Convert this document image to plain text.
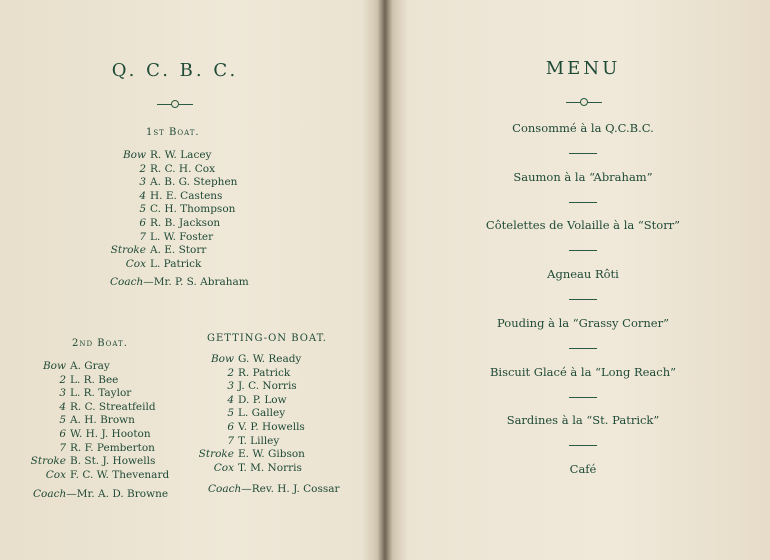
Q. C. B. C.
1st Boat.
Bow R. W. Lacey
2 R. C. H. Cox
3 A. B. G. Stephen
4 H. E. Castens
5 C. H. Thompson
6 R. B. Jackson
7 L. W. Foster
Stroke A. E. Storr
Cox L. Patrick
Coach—Mr. P. S. Abraham
2nd Boat.
Bow A. Gray
2 L. R. Bee
3 L. R. Taylor
4 R. C. Streatfeild
5 A. H. Brown
6 W. H. J. Hooton
7 R. F. Pemberton
Stroke B. St. J. Howells
Cox F. C. W. Thevenard
Coach—Mr. A. D. Browne
GETTING-ON BOAT.
Bow G. W. Ready
2 R. Patrick
3 J. C. Norris
4 D. P. Low
5 L. Galley
6 V. P. Howells
7 T. Lilley
Stroke E. W. Gibson
Cox T. M. Norris
Coach—Rev. H. J. Cossar
MENU
Consommé à la Q.C.B.C.
Saumon à la “Abraham”
Côtelettes de Volaille à la “Storr”
Agneau Rôti
Pouding à la “Grassy Corner”
Biscuit Glacé à la “Long Reach”
Sardines à la “St. Patrick”
Café
